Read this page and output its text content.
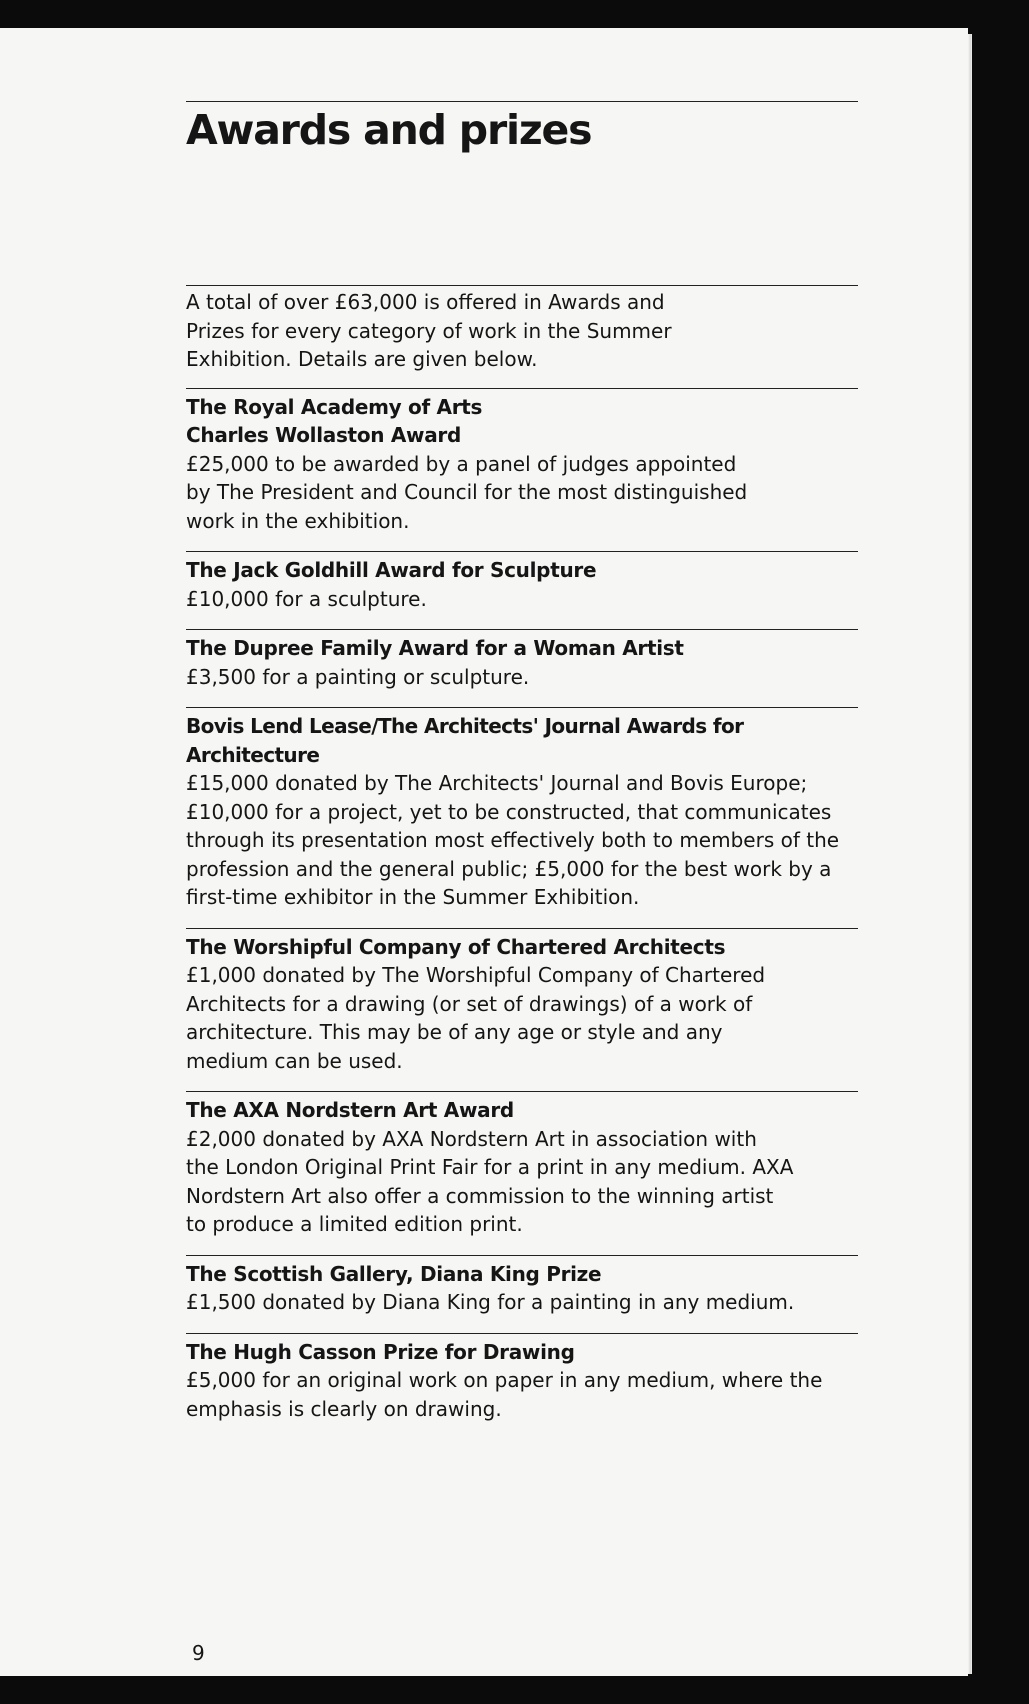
Awards and prizes
A total of over £63,000 is offered in Awards and Prizes for every category of work in the Summer Exhibition. Details are given below.
The Royal Academy of Arts
Charles Wollaston Award
£25,000 to be awarded by a panel of judges appointed by The President and Council for the most distinguished work in the exhibition.
The Jack Goldhill Award for Sculpture
£10,000 for a sculpture.
The Dupree Family Award for a Woman Artist
£3,500 for a painting or sculpture.
Bovis Lend Lease/The Architects' Journal Awards for Architecture
£15,000 donated by The Architects' Journal and Bovis Europe; £10,000 for a project, yet to be constructed, that communicates through its presentation most effectively both to members of the profession and the general public; £5,000 for the best work by a first-time exhibitor in the Summer Exhibition.
The Worshipful Company of Chartered Architects
£1,000 donated by The Worshipful Company of Chartered Architects for a drawing (or set of drawings) of a work of architecture. This may be of any age or style and any medium can be used.
The AXA Nordstern Art Award
£2,000 donated by AXA Nordstern Art in association with the London Original Print Fair for a print in any medium. AXA Nordstern Art also offer a commission to the winning artist to produce a limited edition print.
The Scottish Gallery, Diana King Prize
£1,500 donated by Diana King for a painting in any medium.
The Hugh Casson Prize for Drawing
£5,000 for an original work on paper in any medium, where the emphasis is clearly on drawing.
9
